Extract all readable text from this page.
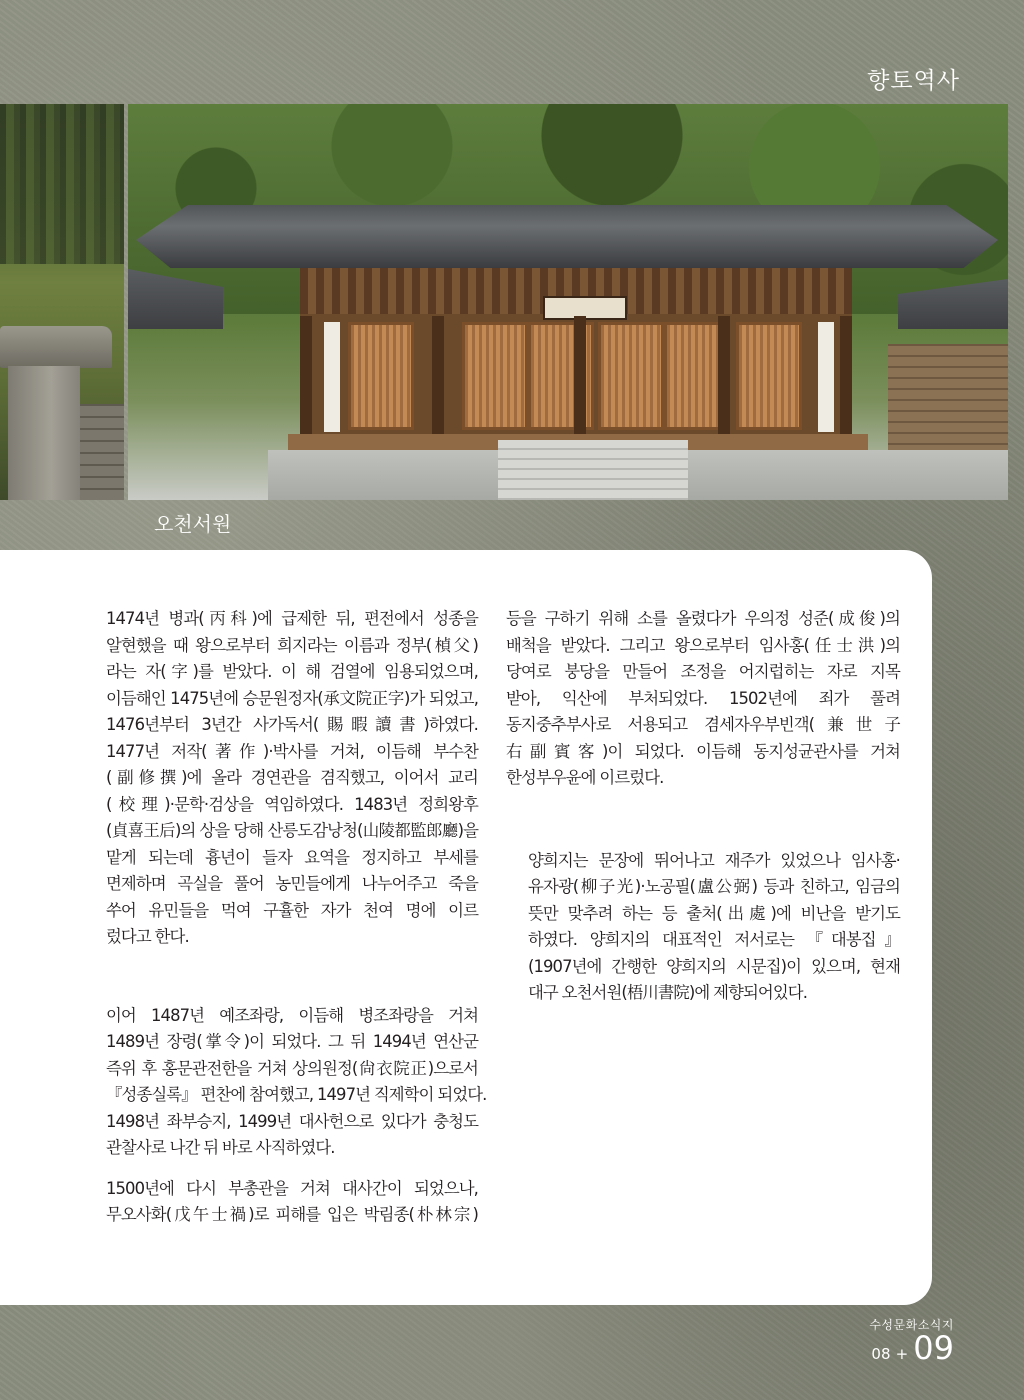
향토역사
오천서원

1474년 병과(丙科)에 급제한 뒤, 편전에서 성종을
알현했을 때 왕으로부터 희지라는 이름과 정부(楨父)
라는 자(字)를 받았다. 이 해 검열에 임용되었으며,
이듬해인 1475년에 승문원정자(承文院正字)가 되었고,
1476년부터 3년간 사가독서(賜暇讀書)하였다.
1477년 저작(著作)·박사를 거쳐, 이듬해 부수찬
(副修撰)에 올라 경연관을 겸직했고, 이어서 교리
(校理)·문학·검상을 역임하였다. 1483년 정희왕후
(貞喜王后)의 상을 당해 산릉도감낭청(山陵都監郎廳)을
맡게 되는데 흉년이 들자 요역을 정지하고 부세를
면제하며 곡실을 풀어 농민들에게 나누어주고 죽을
쑤어 유민들을 먹여 구휼한 자가 천여 명에 이르
렀다고 한다.

이어 1487년 예조좌랑, 이듬해 병조좌랑을 거쳐
1489년 장령(掌令)이 되었다. 그 뒤 1494년 연산군
즉위 후 홍문관전한을 거쳐 상의원정(尙衣院正)으로서
『성종실록』 편찬에 참여했고, 1497년 직제학이 되었다.
1498년 좌부승지, 1499년 대사헌으로 있다가 충청도
관찰사로 나간 뒤 바로 사직하였다.

1500년에 다시 부총관을 거쳐 대사간이 되었으나,
무오사화(戊午士禍)로 피해를 입은 박림종(朴林宗)

등을 구하기 위해 소를 올렸다가 우의정 성준(成俊)의
배척을 받았다. 그리고 왕으로부터 임사홍(任士洪)의
당여로 붕당을 만들어 조정을 어지럽히는 자로 지목
받아, 익산에 부처되었다. 1502년에 죄가 풀려
동지중추부사로 서용되고 겸세자우부빈객(兼世子
右副賓客)이 되었다. 이듬해 동지성균관사를 거쳐
한성부우윤에 이르렀다.

양희지는 문장에 뛰어나고 재주가 있었으나 임사홍·
유자광(柳子光)·노공필(盧公弼) 등과 친하고, 임금의
뜻만 맞추려 하는 등 출처(出處)에 비난을 받기도
하였다. 양희지의 대표적인 저서로는 『대봉집』
(1907년에 간행한 양희지의 시문집)이 있으며, 현재
대구 오천서원(梧川書院)에 제향되어있다.

수성문화소식지
08 + 09
